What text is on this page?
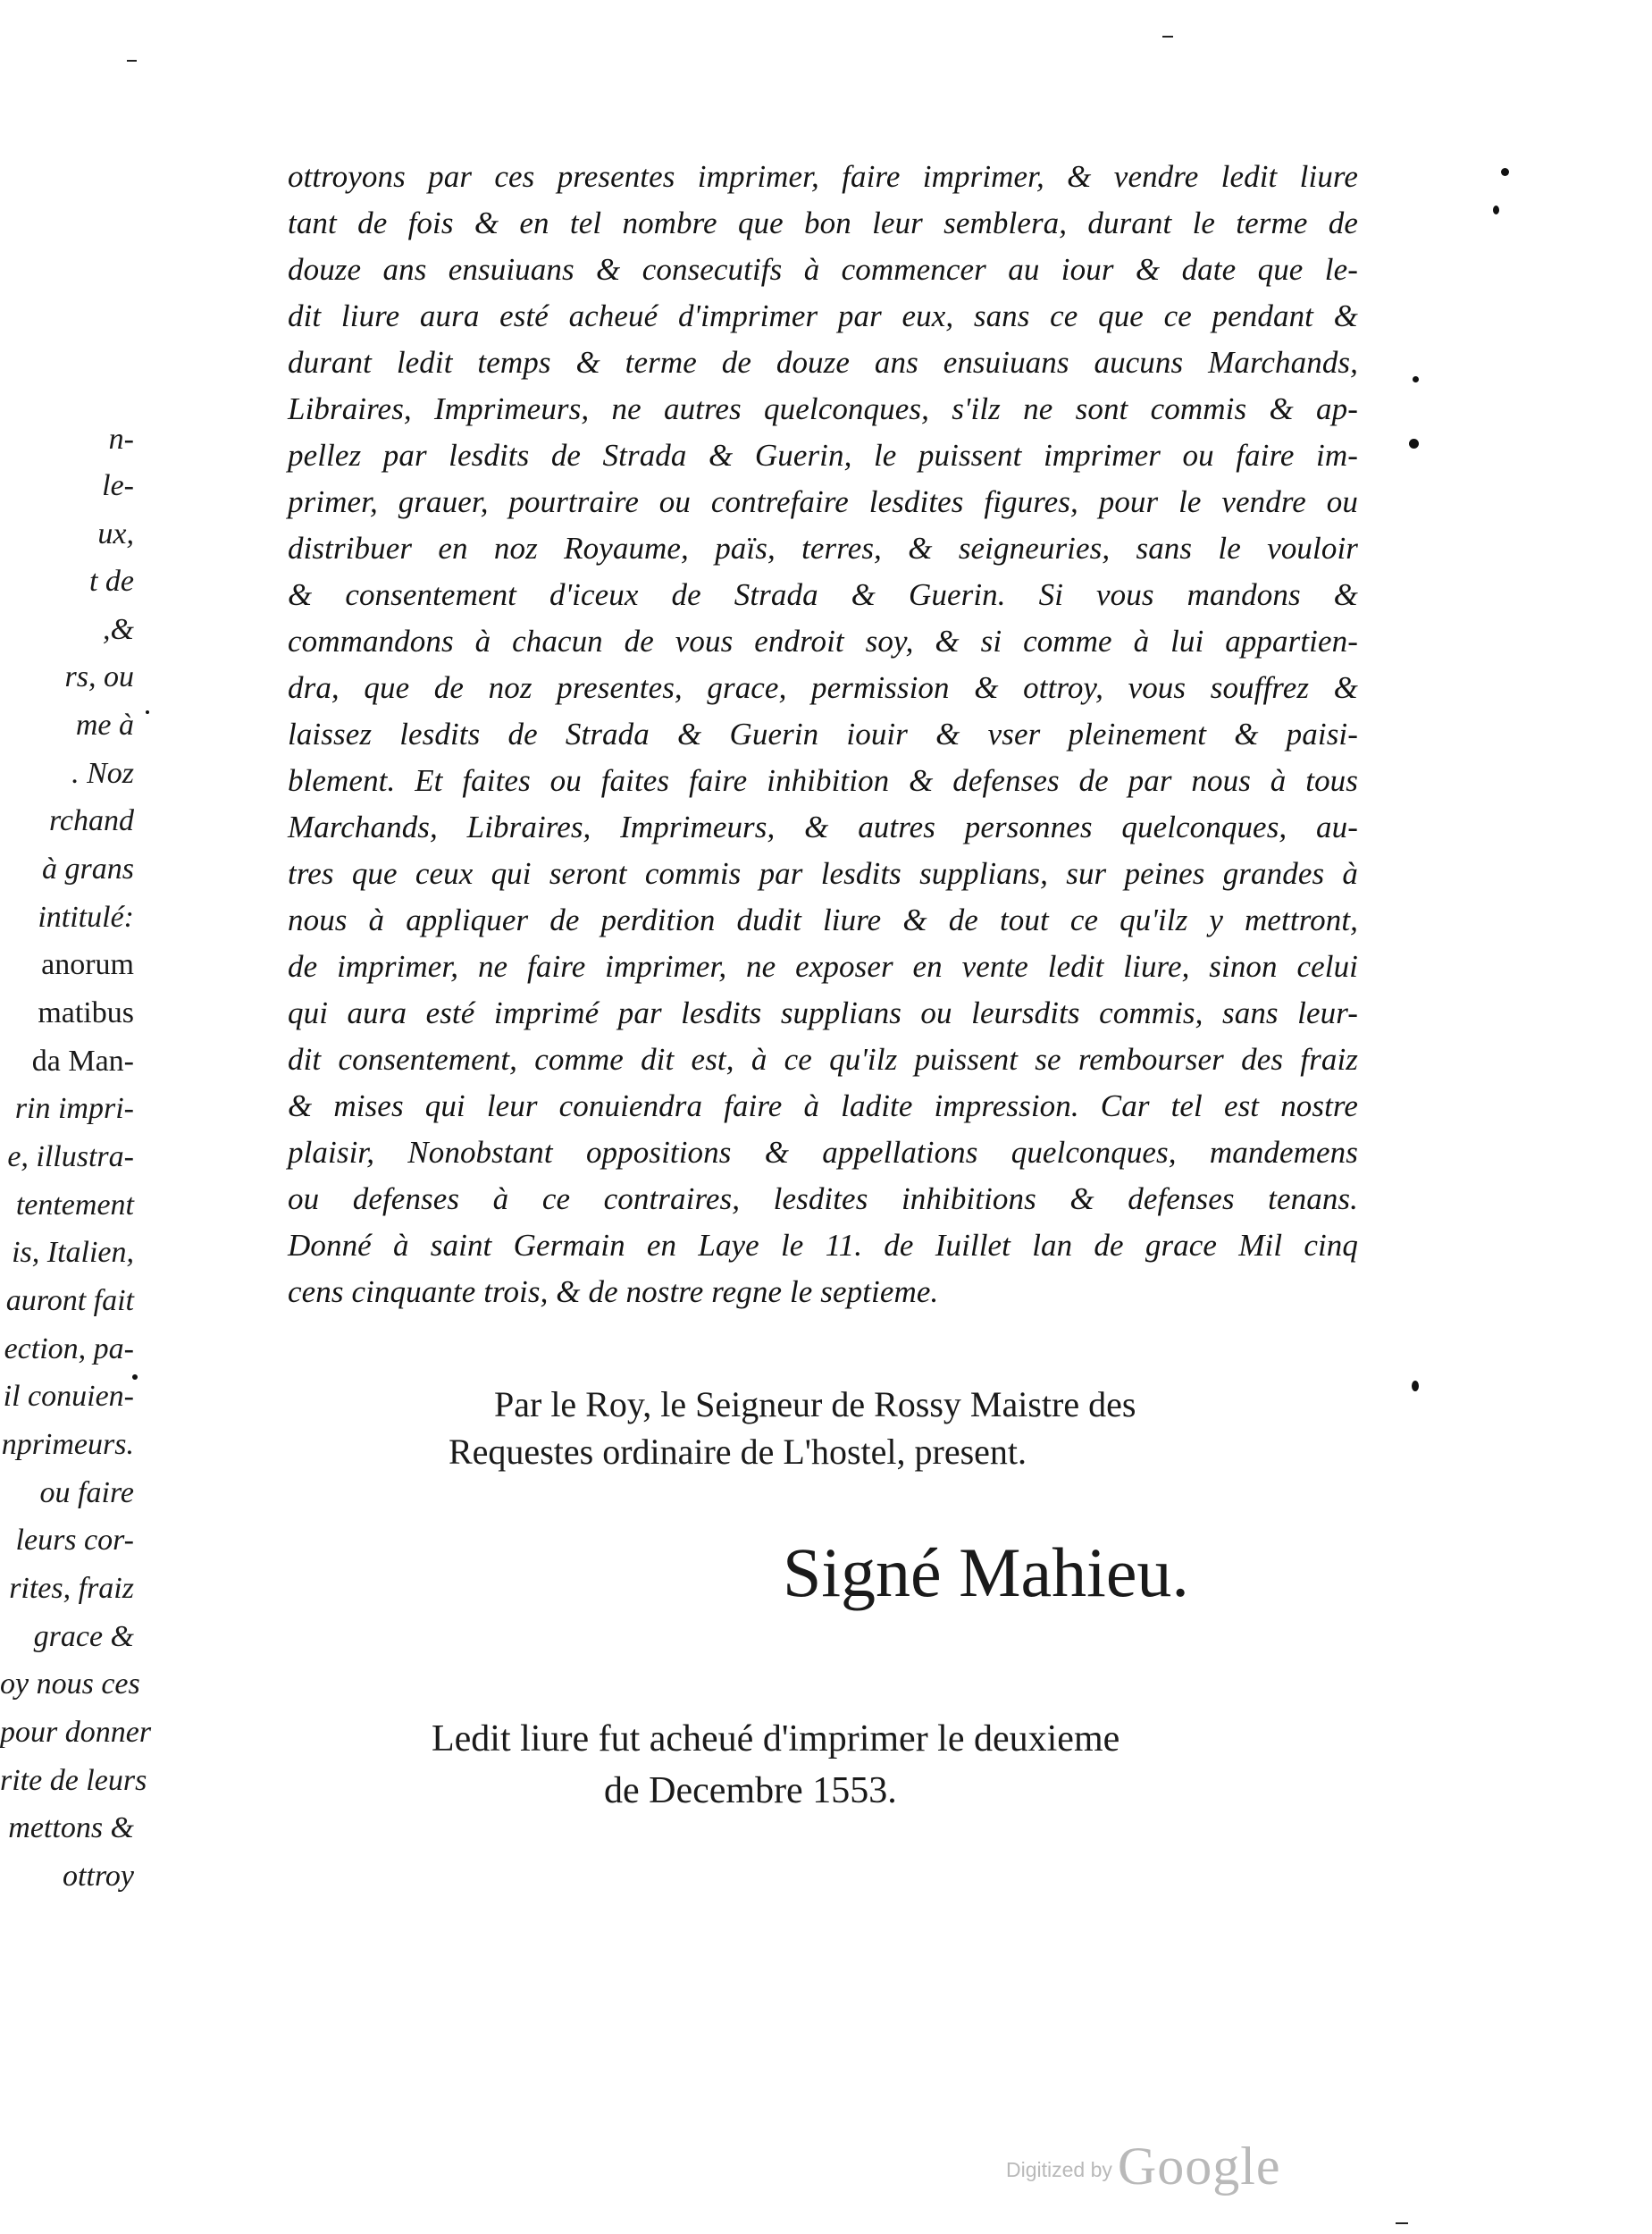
n-
le-
ux,
t de
,&
rs, ou
me à
. Noz
rchand
à grans
intitulé:
anorum
matibus
da Man-
rin impri-
e, illustra-
tentement
is, Italien,
auront fait
ection, pa-
il conuien-
nprimeurs.
ou faire
leurs cor-
rites, fraiz
grace &
oy nous ces
pour donner
rite de leurs
mettons &
ottroy
ottroyons par ces presentes imprimer, faire imprimer, & vendre ledit liure
tant de fois & en tel nombre que bon leur semblera, durant le terme de
douze ans ensuiuans & consecutifs à commencer au iour & date que le-
dit liure aura esté acheué d'imprimer par eux, sans ce que ce pendant &
durant ledit temps & terme de douze ans ensuiuans aucuns Marchands,
Libraires, Imprimeurs, ne autres quelconques, s'ilz ne sont commis & ap-
pellez par lesdits de Strada & Guerin, le puissent imprimer ou faire im-
primer, grauer, pourtraire ou contrefaire lesdites figures, pour le vendre ou
distribuer en noz Royaume, païs, terres, & seigneuries, sans le vouloir
& consentement d'iceux de Strada & Guerin. Si vous mandons &
commandons à chacun de vous endroit soy, & si comme à lui appartien-
dra, que de noz presentes, grace, permission & ottroy, vous souffrez &
laissez lesdits de Strada & Guerin iouir & vser pleinement & paisi-
blement. Et faites ou faites faire inhibition & defenses de par nous à tous
Marchands, Libraires, Imprimeurs, & autres personnes quelconques, au-
tres que ceux qui seront commis par lesdits supplians, sur peines grandes à
nous à appliquer de perdition dudit liure & de tout ce qu'ilz y mettront,
de imprimer, ne faire imprimer, ne exposer en vente ledit liure, sinon celui
qui aura esté imprimé par lesdits supplians ou leursdits commis, sans leur-
dit consentement, comme dit est, à ce qu'ilz puissent se rembourser des fraiz
& mises qui leur conuiendra faire à ladite impression. Car tel est nostre
plaisir, Nonobstant oppositions & appellations quelconques, mandemens
ou defenses à ce contraires, lesdites inhibitions & defenses tenans.
Donné à saint Germain en Laye le 11. de Iuillet lan de grace Mil cinq
cens cinquante trois, & de nostre regne le septieme.
Par le Roy, le Seigneur de Rossy Maistre des
Requestes ordinaire de L'hostel, present.
Signé Mahieu.
Ledit liure fut acheué d'imprimer le deuxieme
de Decembre 1553.
Digitized by Google
